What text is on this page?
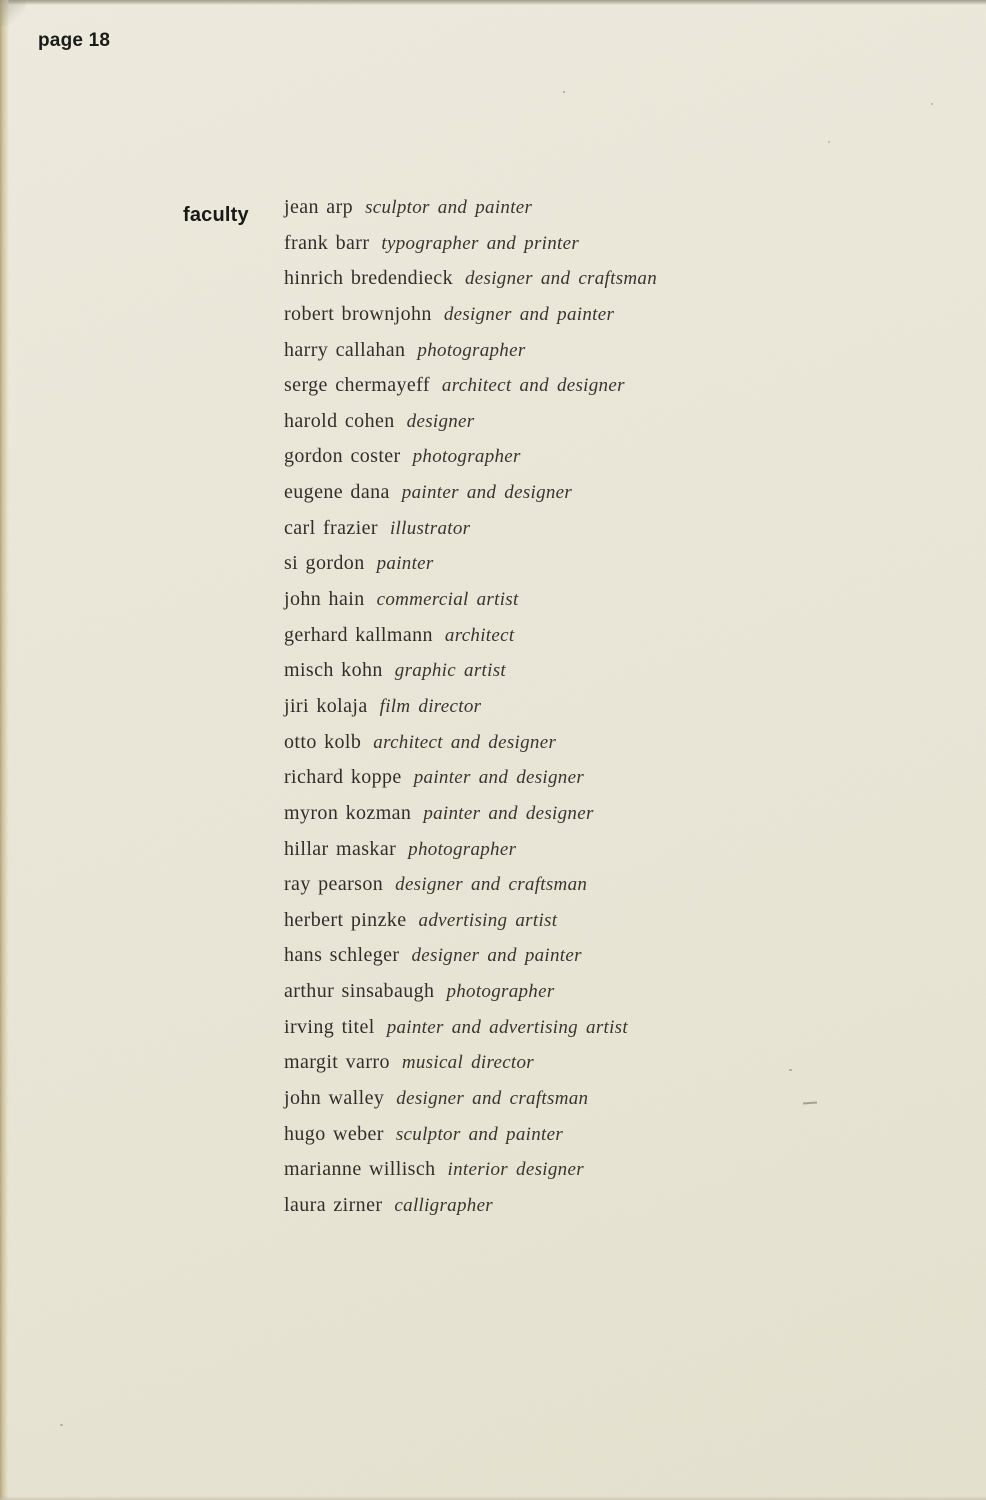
page 18
faculty jean arp sculptor and painter
frank barr typographer and printer
hinrich bredendieck designer and craftsman
robert brownjohn designer and painter
harry callahan photographer
serge chermayeff architect and designer
harold cohen designer
gordon coster photographer
eugene dana painter and designer
carl frazier illustrator
si gordon painter
john hain commercial artist
gerhard kallmann architect
misch kohn graphic artist
jiri kolaja film director
otto kolb architect and designer
richard koppe painter and designer
myron kozman painter and designer
hillar maskar photographer
ray pearson designer and craftsman
herbert pinzke advertising artist
hans schleger designer and painter
arthur sinsabaugh photographer
irving titel painter and advertising artist
margit varro musical director
john walley designer and craftsman
hugo weber sculptor and painter
marianne willisch interior designer
laura zirner calligrapher
